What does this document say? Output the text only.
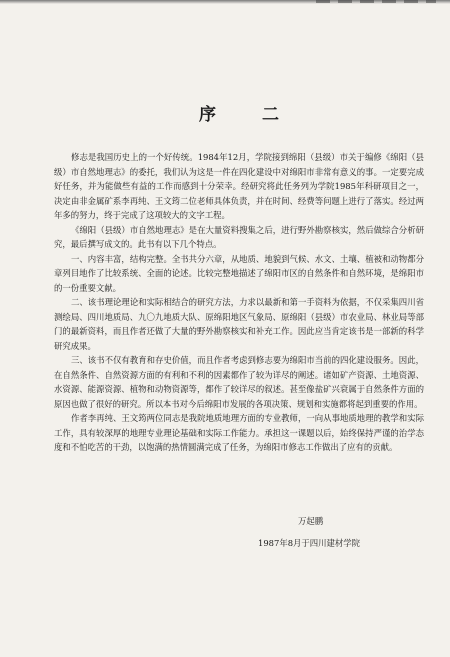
序 二

修志是我国历史上的一个好传统。1984年12月，学院接到绵阳（县级）市关于编修《绵阳（县级）市自然地理志》的委托，我们认为这是一件在四化建设中对绵阳市非常有意义的事。一定要完成好任务，并为能做些有益的工作而感到十分荣幸。经研究将此任务列为学院1985年科研项目之一，决定由非金属矿系李再纯、王文筠二位老师具体负责，并在时间、经费等问题上进行了落实。经过两年多的努力，终于完成了这项较大的文字工程。

《绵阳（县级）市自然地理志》是在大量资料搜集之后，进行野外勘察核实，然后做综合分析研究，最后撰写成文的。此书有以下几个特点。

一、内容丰富，结构完整。全书共分六章，从地质、地貌到气候、水文、土壤、植被和动物都分章列目地作了比较系统、全面的论述。比较完整地描述了绵阳市区的自然条件和自然环境，是绵阳市的一份重要文献。

二、该书理论理论和实际相结合的研究方法，力求以最新和第一手资料为依据，不仅采集四川省测绘局、四川地质局、九〇九地质大队、原绵阳地区气象局、原绵阳（县级）市农业局、林业局等部门的最新资料，而且作者还做了大量的野外勘察核实和补充工作。因此应当肯定该书是一部新的科学研究成果。

三、该书不仅有教育和存史价值，而且作者考虑到修志要为绵阳市当前的四化建设服务。因此，在自然条件、自然资源方面的有利和不利的因素都作了较为详尽的阐述。诸如矿产资源、土地资源、水资源、能源资源、植物和动物资源等，都作了较详尽的叙述。甚至像盐矿兴衰属于自然条件方面的原因也做了很好的研究。所以本书对今后绵阳市发展的各项决策、规划和实施都将起到重要的作用。

作者李再纯、王文筠两位同志是我院地质地理方面的专业教师，一向从事地质地理的教学和实际工作，具有较深厚的地理专业理论基础和实际工作能力。承担这一课题以后，始终保持严谨的治学态度和不怕吃苦的干劲，以饱满的热情圆满完成了任务，为绵阳市修志工作做出了应有的贡献。

万起鹏
1987年8月于四川建材学院
